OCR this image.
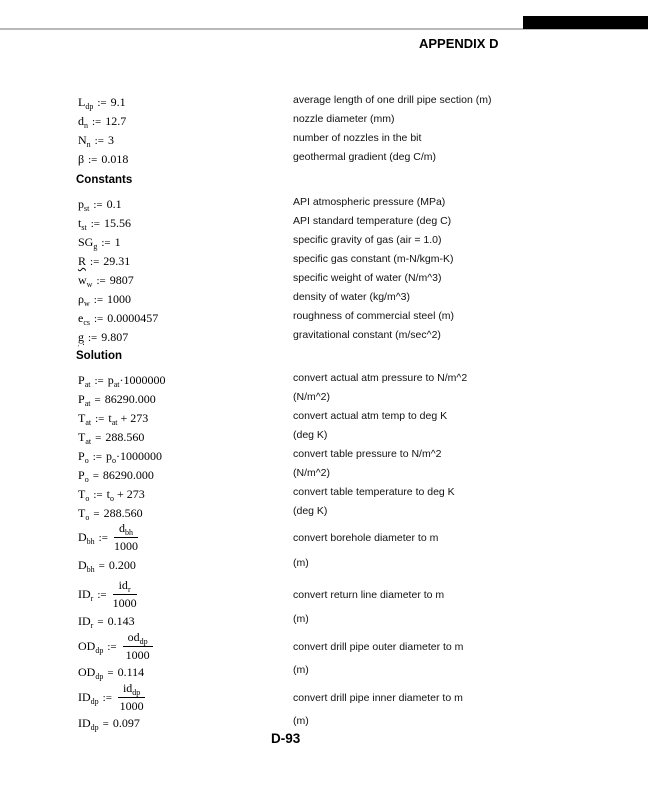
APPENDIX D
$L_{dp}$ := 9.1	average length of one drill pipe section (m)
$d_n$ := 12.7	nozzle diameter (mm)
$N_n$ := 3	number of nozzles in the bit
β := 0.018	geothermal gradient (deg C/m)
Constants
$p_{st}$ := 0.1	API atmospheric pressure (MPa)
$t_{st}$ := 15.56	API standard temperature (deg C)
$SG_g$ := 1	specific gravity of gas (air = 1.0)
R := 29.31	specific gas constant (m-N/kgm-K)
$w_w$ := 9807	specific weight of water (N/m^3)
$\rho_w$ := 1000	density of water (kg/m^3)
$e_{cs}$ := 0.0000457	roughness of commercial steel (m)
g := 9.807	gravitational constant (m/sec^2)
Solution
$P_{at}$ := $p_{at}\cdot 1000000$	convert actual atm pressure to N/m^2
$P_{at} = 86290.000$	(N/m^2)
$T_{at}$ := $t_{at} + 273$	convert actual atm temp to deg K
$T_{at} = 288.560$	(deg K)
$P_o$ := $p_o\cdot 1000000$	convert table pressure to N/m^2
$P_o = 86290.000$	(N/m^2)
$T_o$ := $t_o + 273$	convert table temperature to deg K
$T_o = 288.560$	(deg K)
$D_{bh}$ := $\frac{d_{bh}}{1000}$	convert borehole diameter to m
$D_{bh} = 0.200$	(m)
$ID_r$ := $\frac{id_r}{1000}$	convert return line diameter to m
$ID_r = 0.143$	(m)
$OD_{dp}$ := $\frac{od_{dp}}{1000}$	convert drill pipe outer diameter to m
$OD_{dp} = 0.114$	(m)
$ID_{dp}$ := $\frac{id_{dp}}{1000}$	convert drill pipe inner diameter to m
$ID_{dp} = 0.097$	(m)
D-93
